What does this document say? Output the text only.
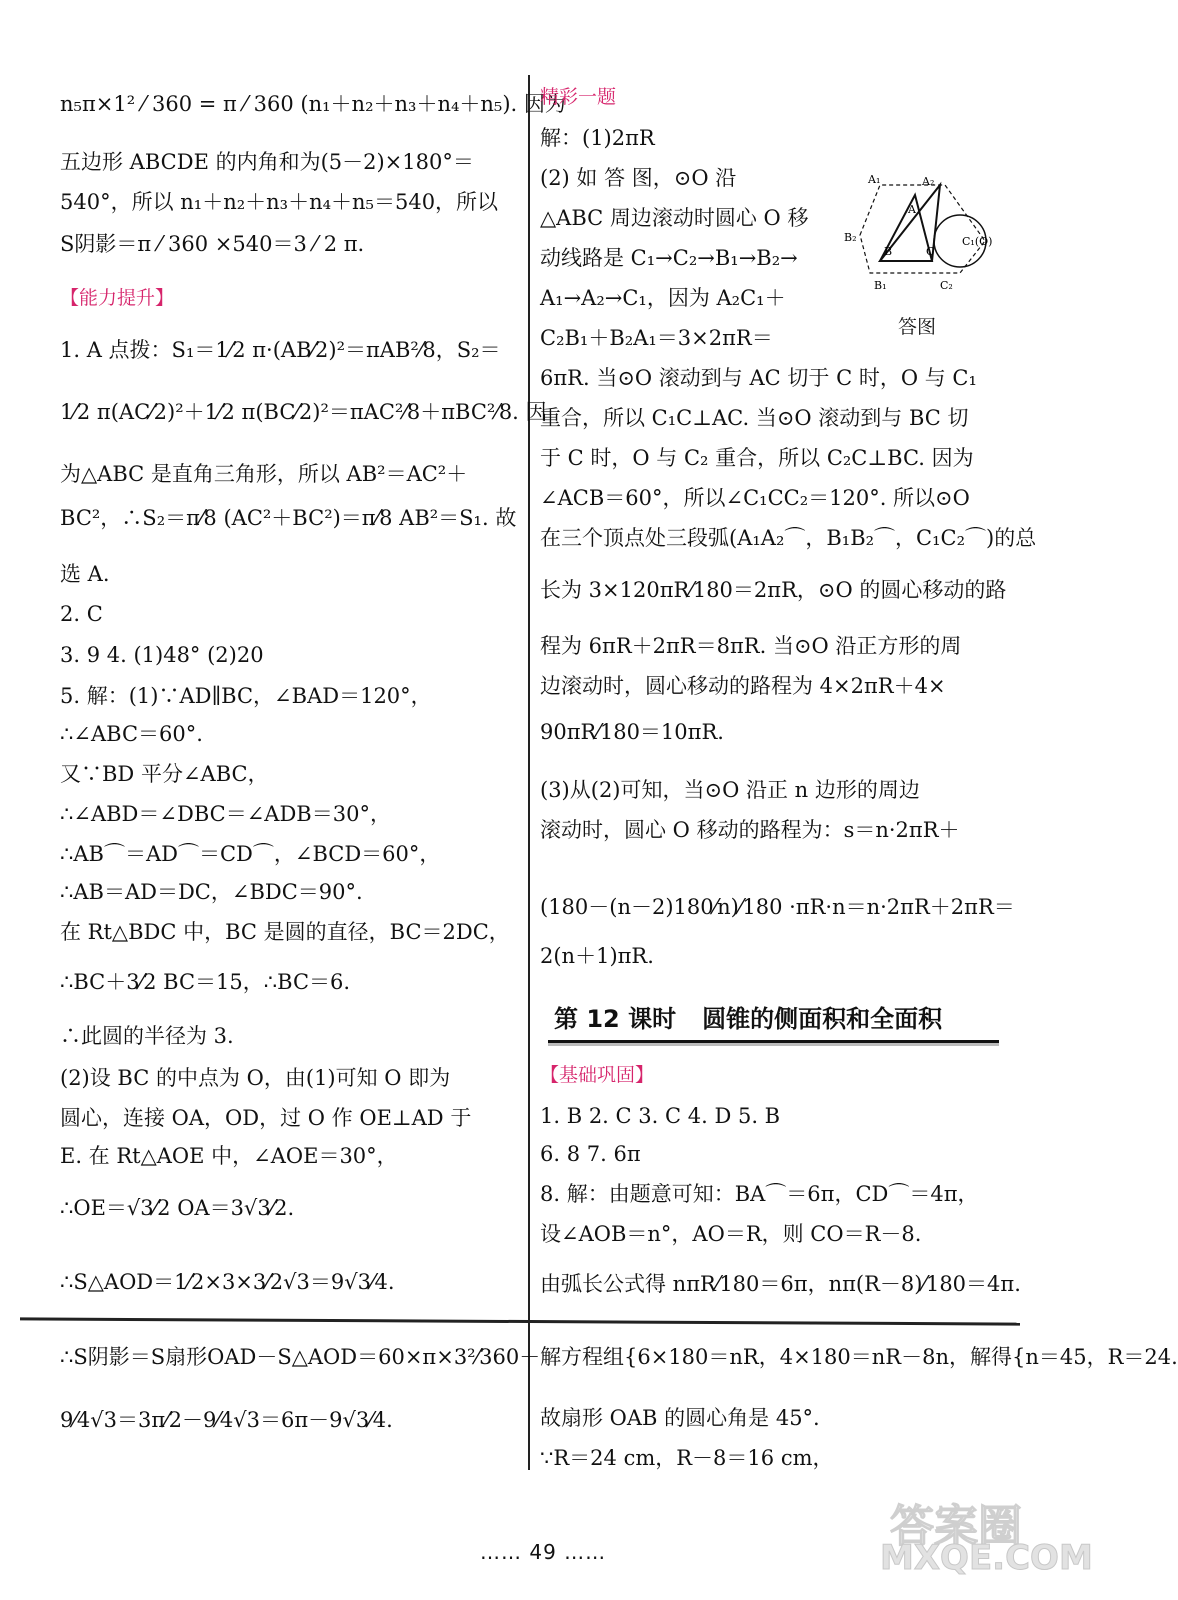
n₅π×1² ⁄ 360 = π ⁄ 360 (n₁＋n₂＋n₃＋n₄＋n₅). 因为
五边形 ABCDE 的内角和为(5－2)×180°＝
540°，所以 n₁＋n₂＋n₃＋n₄＋n₅＝540，所以
S阴影＝π ⁄ 360 ×540＝3 ⁄ 2 π.
【能力提升】
1. A 点拨：S₁＝1⁄2 π·(AB⁄2)²＝πAB²⁄8，S₂＝
1⁄2 π(AC⁄2)²＋1⁄2 π(BC⁄2)²＝πAC²⁄8＋πBC²⁄8. 因
为△ABC 是直角三角形，所以 AB²＝AC²＋
BC²，∴S₂＝π⁄8 (AC²＋BC²)＝π⁄8 AB²＝S₁. 故
选 A.
2. C
3. 9 4. (1)48° (2)20
5. 解：(1)∵AD∥BC，∠BAD＝120°，
∴∠ABC＝60°.
又∵BD 平分∠ABC，
∴∠ABD＝∠DBC＝∠ADB＝30°，
∴AB⌒＝AD⌒＝CD⌒，∠BCD＝60°，
∴AB＝AD＝DC，∠BDC＝90°.
在 Rt△BDC 中，BC 是圆的直径，BC＝2DC，
∴BC＋3⁄2 BC＝15，∴BC＝6.
∴此圆的半径为 3.
(2)设 BC 的中点为 O，由(1)可知 O 即为
圆心，连接 OA，OD，过 O 作 OE⊥AD 于
E. 在 Rt△AOE 中，∠AOE＝30°，
∴OE＝√3⁄2 OA＝3√3⁄2.
∴S△AOD＝1⁄2×3×3⁄2√3＝9√3⁄4.
∴S阴影＝S扇形OAD－S△AOD＝60×π×3²⁄360－
9⁄4√3＝3π⁄2－9⁄4√3＝6π－9√3⁄4.
第 12 课时 圆锥的侧面积和全面积
A₁	A₂
A
B	C
B₂
B₁	C₂
C₁(O)
答图
精彩一题
解：(1)2πR
(2) 如 答 图，⊙O 沿
△ABC 周边滚动时圆心 O 移
动线路是 C₁→C₂→B₁→B₂→
A₁→A₂→C₁，因为 A₂C₁＋
C₂B₁＋B₂A₁＝3×2πR＝
6πR. 当⊙O 滚动到与 AC 切于 C 时，O 与 C₁
重合，所以 C₁C⊥AC. 当⊙O 滚动到与 BC 切
于 C 时，O 与 C₂ 重合，所以 C₂C⊥BC. 因为
∠ACB＝60°，所以∠C₁CC₂＝120°. 所以⊙O
在三个顶点处三段弧(A₁A₂⌒，B₁B₂⌒，C₁C₂⌒)的总
长为 3×120πR⁄180＝2πR，⊙O 的圆心移动的路
程为 6πR＋2πR＝8πR. 当⊙O 沿正方形的周
边滚动时，圆心移动的路程为 4×2πR＋4×
90πR⁄180＝10πR.
(3)从(2)可知，当⊙O 沿正 n 边形的周边
滚动时，圆心 O 移动的路程为：s＝n·2πR＋
(180－(n－2)180⁄n)⁄180 ·πR·n＝n·2πR＋2πR＝
2(n＋1)πR.
【基础巩固】
1. B 2. C 3. C 4. D 5. B
6. 8 7. 6π
8. 解：由题意可知：BA⌒＝6π，CD⌒＝4π，
设∠AOB＝n°，AO＝R，则 CO＝R－8.
由弧长公式得 nπR⁄180＝6π，nπ(R－8)⁄180＝4π.
解方程组{6×180＝nR，4×180＝nR－8n，解得{n＝45，R＝24.
故扇形 OAB 的圆心角是 45°.
∵R＝24 cm，R－8＝16 cm，
…… 49 ……	答案圈
MXQE.COM
